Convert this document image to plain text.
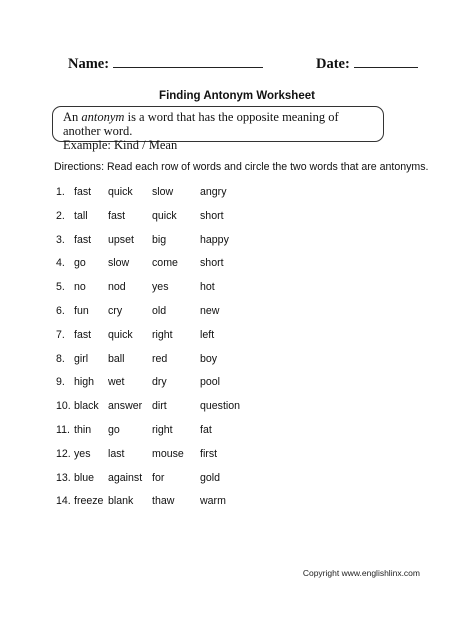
Name:	Date:
Finding Antonym Worksheet
An antonym is a word that has the opposite meaning of another word.
Example: Kind / Mean
Directions: Read each row of words and circle the two words that are antonyms.
1. fast quick slow	angry
2. tall fast	quick short
3. fast upset big	happy
4. go slow come short
5. no nod yes	hot
6. fun cry	old	new
7. fast quick right	left
8. girl ball	red	boy
9. high wet	dry	pool
10. black answer dirt	question
11. thin go	right	fat
12. yes last	mouse first
13. blue against for	gold
14. freeze blank thaw warm
Copyright www.englishlinx.com
